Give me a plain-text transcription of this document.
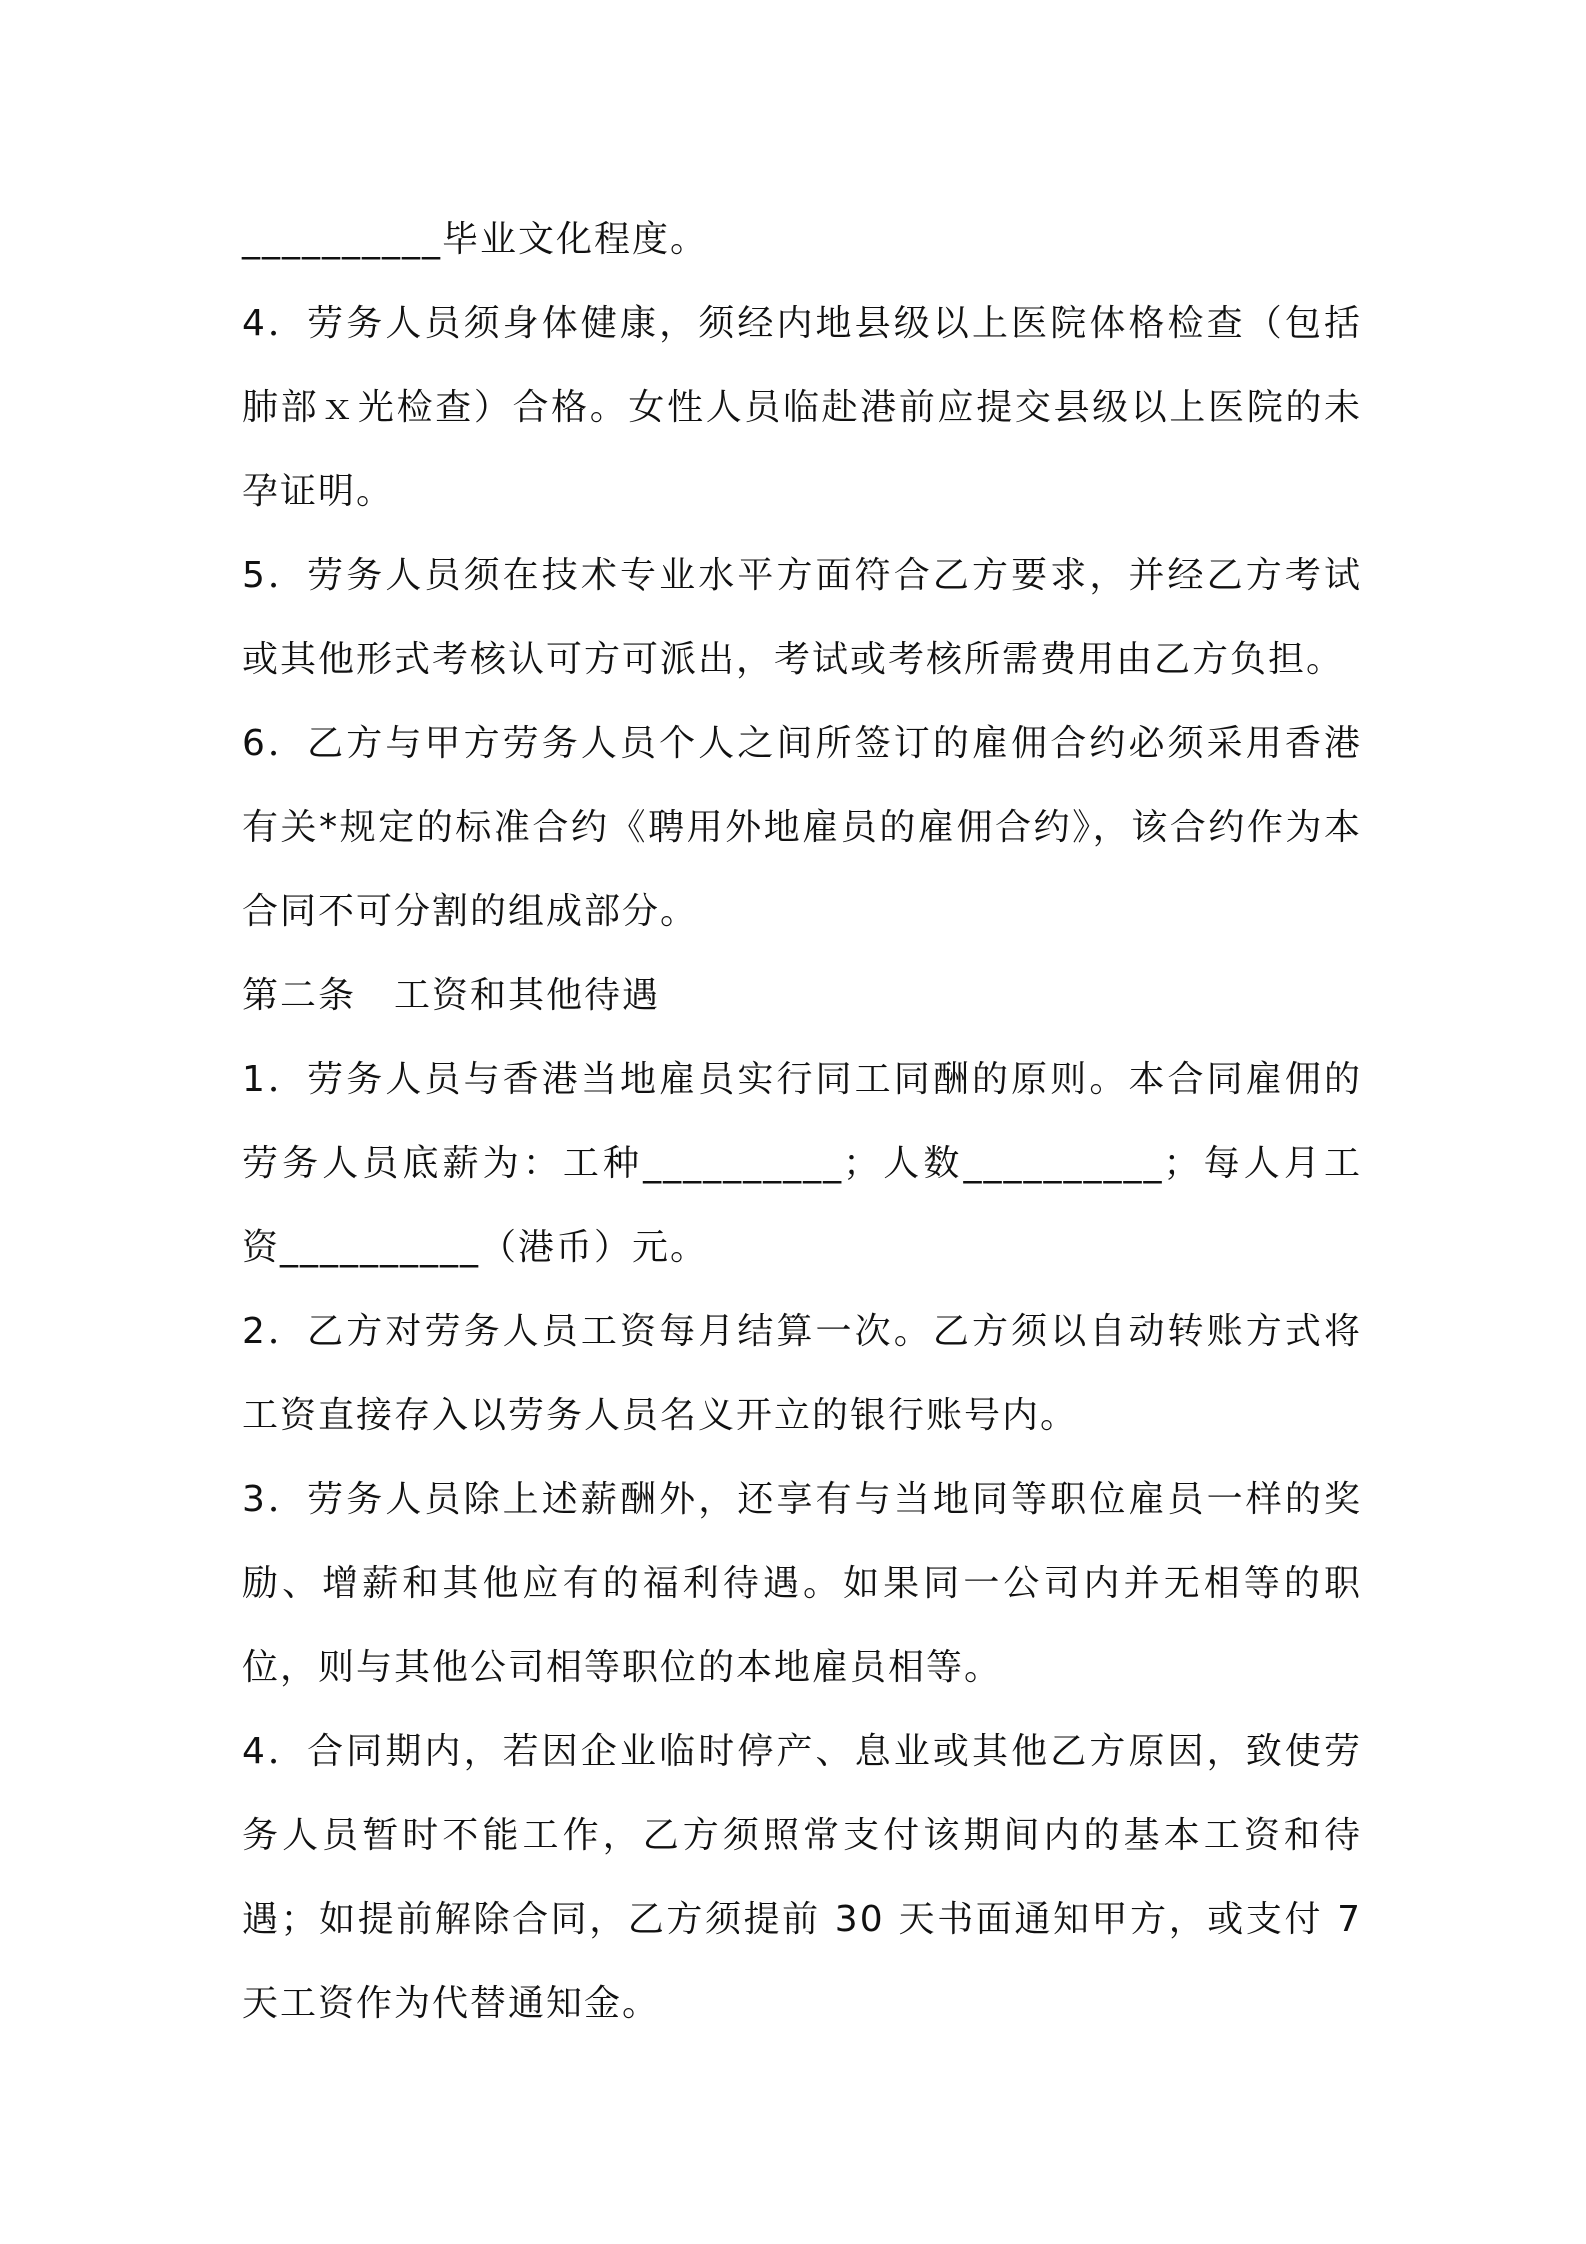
__________毕业文化程度。

4．劳务人员须身体健康，须经内地县级以上医院体格检查（包括肺部ｘ光检查）合格。女性人员临赴港前应提交县级以上医院的未孕证明。

5．劳务人员须在技术专业水平方面符合乙方要求，并经乙方考试或其他形式考核认可方可派出，考试或考核所需费用由乙方负担。

6．乙方与甲方劳务人员个人之间所签订的雇佣合约必须采用香港有关*规定的标准合约《聘用外地雇员的雇佣合约》，该合约作为本合同不可分割的组成部分。

第二条　工资和其他待遇

1．劳务人员与香港当地雇员实行同工同酬的原则。本合同雇佣的劳务人员底薪为：工种__________；人数__________；每人月工资__________（港币）元。

2．乙方对劳务人员工资每月结算一次。乙方须以自动转账方式将工资直接存入以劳务人员名义开立的银行账号内。

3．劳务人员除上述薪酬外，还享有与当地同等职位雇员一样的奖励、增薪和其他应有的福利待遇。如果同一公司内并无相等的职位，则与其他公司相等职位的本地雇员相等。

4．合同期内，若因企业临时停产、息业或其他乙方原因，致使劳务人员暂时不能工作，乙方须照常支付该期间内的基本工资和待遇；如提前解除合同，乙方须提前 30 天书面通知甲方，或支付 7 天工资作为代替通知金。
